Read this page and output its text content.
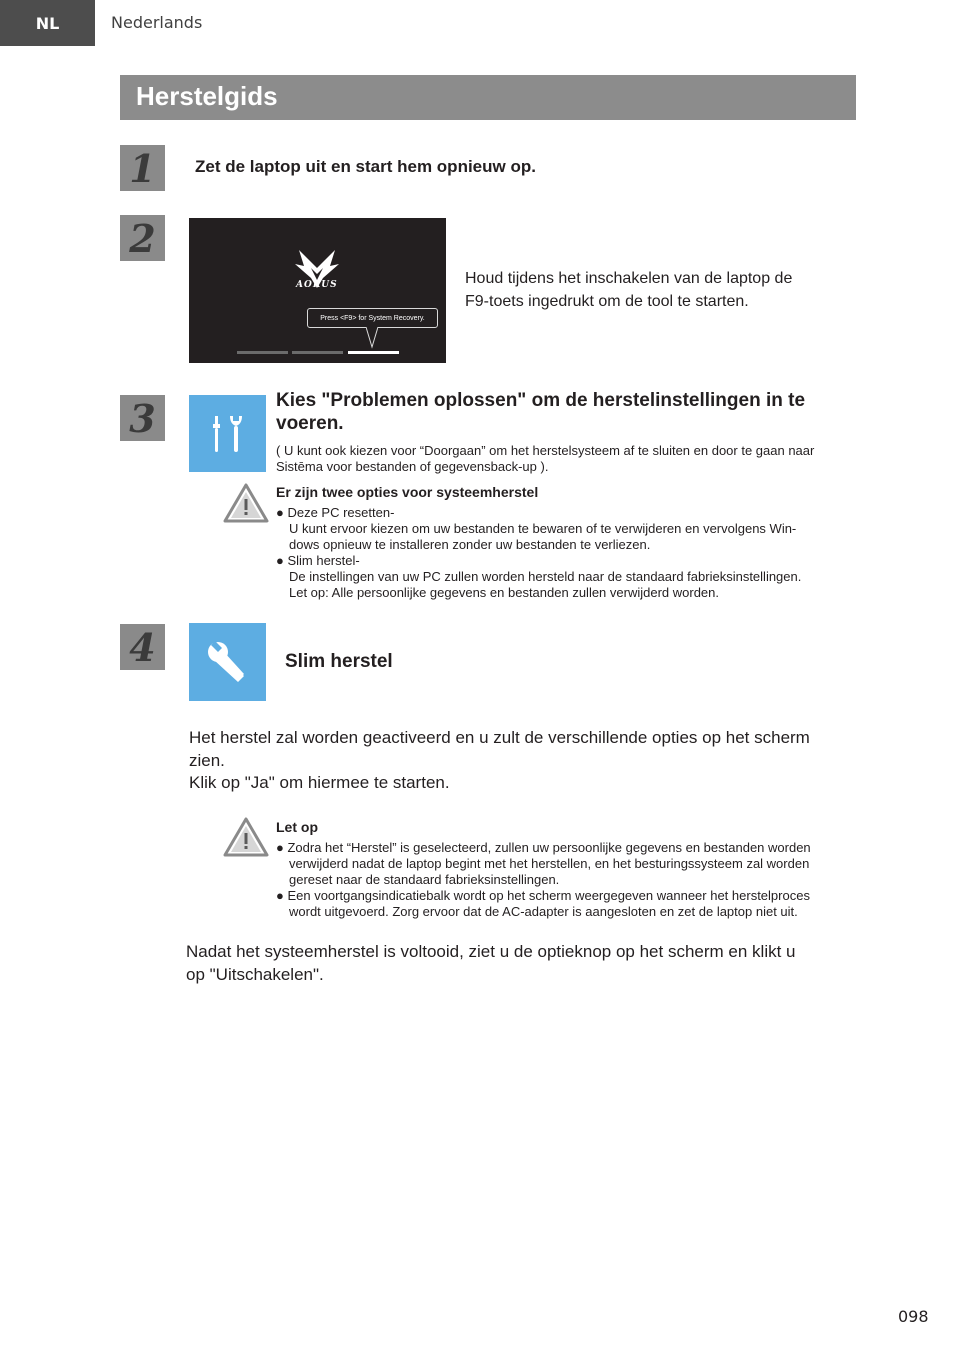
NL	Nederlands
Herstelgids
1	Zet de laptop uit en start hem opnieuw op.
2
AORUS
Press <F9> for System Recovery.
Houd tijdens het inschakelen van de laptop de
F9-toets ingedrukt om de tool te starten.
3	Kies "Problemen oplossen" om de herstelinstellingen in te
voeren.
( U kunt ook kiezen voor “Doorgaan” om het herstelsysteem af te sluiten en door te gaan naar
Sistēma voor bestanden of gegevensback-up ).
Er zijn twee opties voor systeemherstel
● Deze PC resetten-
U kunt ervoor kiezen om uw bestanden te bewaren of te verwijderen en vervolgens Win-
dows opnieuw te installeren zonder uw bestanden te verliezen.
● Slim herstel-
De instellingen van uw PC zullen worden hersteld naar de standaard fabrieksinstellingen.
Let op: Alle persoonlijke gegevens en bestanden zullen verwijderd worden.
4	Slim herstel
Het herstel zal worden geactiveerd en u zult de verschillende opties op het scherm
zien.
Klik op "Ja" om hiermee te starten.
Let op
● Zodra het “Herstel” is geselecteerd, zullen uw persoonlijke gegevens en bestanden worden
verwijderd nadat de laptop begint met het herstellen, en het besturingssysteem zal worden
gereset naar de standaard fabrieksinstellingen.
● Een voortgangsindicatiebalk wordt op het scherm weergegeven wanneer het herstelproces
wordt uitgevoerd. Zorg ervoor dat de AC-adapter is aangesloten en zet de laptop niet uit.
Nadat het systeemherstel is voltooid, ziet u de optieknop op het scherm en klikt u
op "Uitschakelen".
098
